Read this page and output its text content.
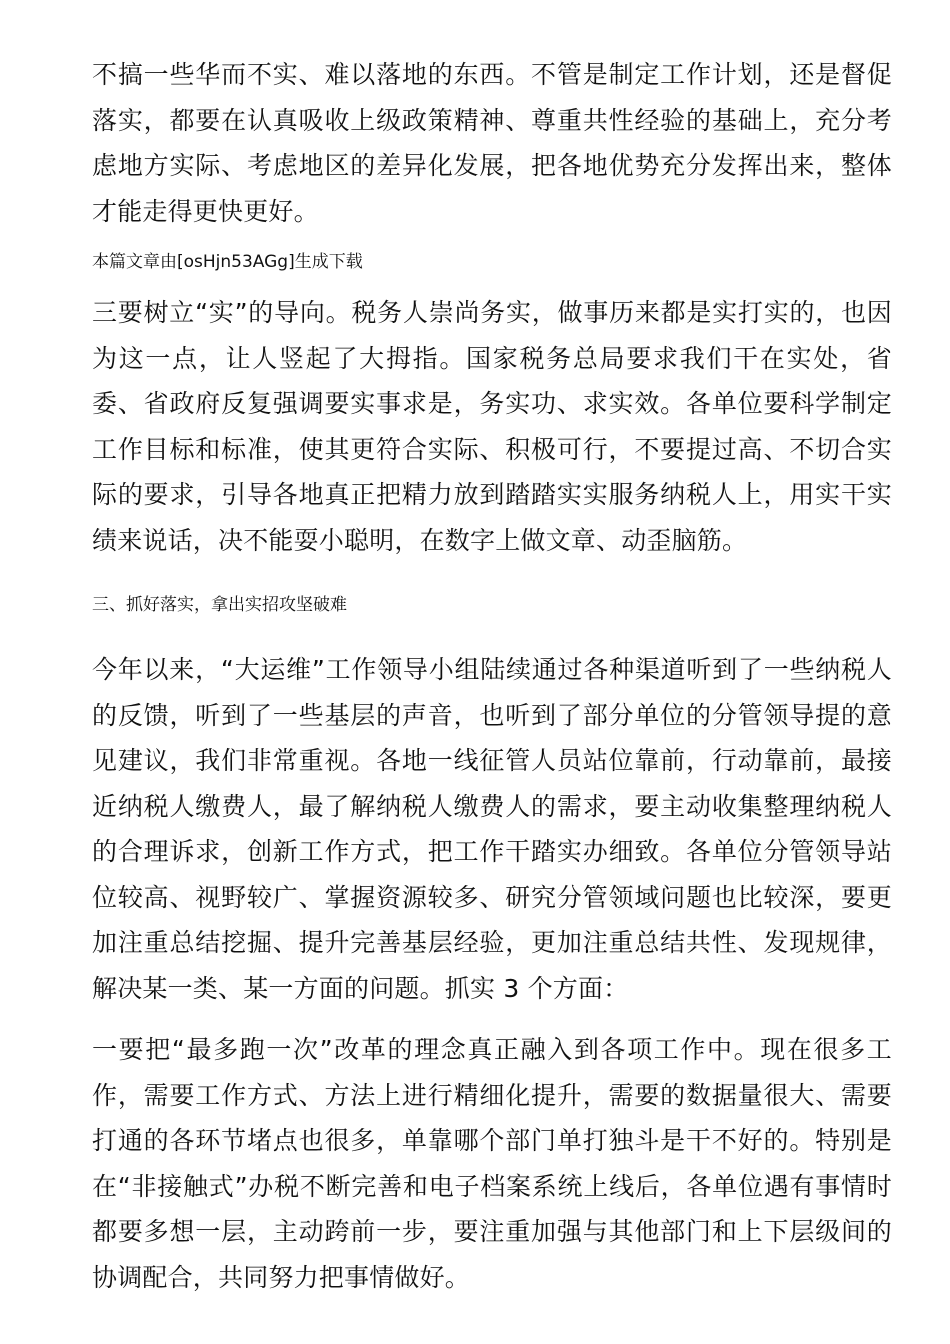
不搞一些华而不实、难以落地的东西。不管是制定工作计划，还是督促落实，都要在认真吸收上级政策精神、尊重共性经验的基础上，充分考虑地方实际、考虑地区的差异化发展，把各地优势充分发挥出来，整体才能走得更快更好。

本篇文章由[osHjn53AGg]生成下载

三要树立“实”的导向。税务人崇尚务实，做事历来都是实打实的，也因为这一点，让人竖起了大拇指。国家税务总局要求我们干在实处，省委、省政府反复强调要实事求是，务实功、求实效。各单位要科学制定工作目标和标准，使其更符合实际、积极可行，不要提过高、不切合实际的要求，引导各地真正把精力放到踏踏实实服务纳税人上，用实干实绩来说话，决不能耍小聪明，在数字上做文章、动歪脑筋。

三、抓好落实，拿出实招攻坚破难

今年以来，“大运维”工作领导小组陆续通过各种渠道听到了一些纳税人的反馈，听到了一些基层的声音，也听到了部分单位的分管领导提的意见建议，我们非常重视。各地一线征管人员站位靠前，行动靠前，最接近纳税人缴费人，最了解纳税人缴费人的需求，要主动收集整理纳税人的合理诉求，创新工作方式，把工作干踏实办细致。各单位分管领导站位较高、视野较广、掌握资源较多、研究分管领域问题也比较深，要更加注重总结挖掘、提升完善基层经验，更加注重总结共性、发现规律，解决某一类、某一方面的问题。抓实 3 个方面：

一要把“最多跑一次”改革的理念真正融入到各项工作中。现在很多工作，需要工作方式、方法上进行精细化提升，需要的数据量很大、需要打通的各环节堵点也很多，单靠哪个部门单打独斗是干不好的。特别是在“非接触式”办税不断完善和电子档案系统上线后，各单位遇有事情时都要多想一层，主动跨前一步，要注重加强与其他部门和上下层级间的协调配合，共同努力把事情做好。
